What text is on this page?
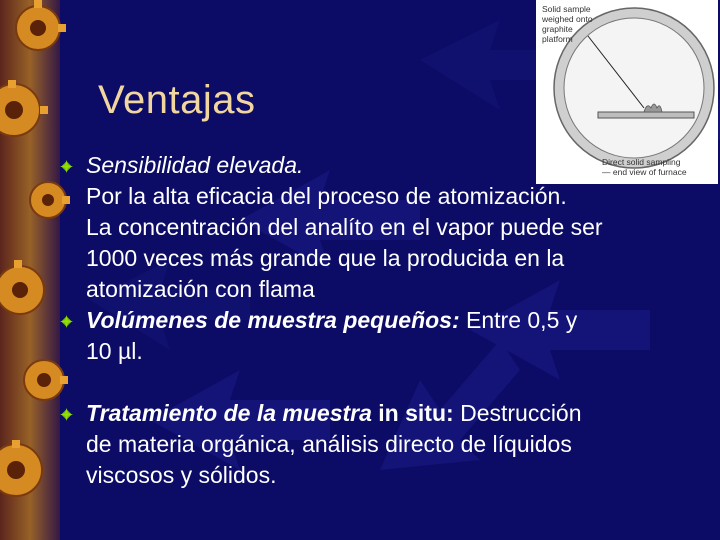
Ventajas
Solid sample
weighed onto
graphite
platform
Direct solid sampling
— end view of furnace
Sensibilidad elevada.
Por la alta eficacia del proceso de atomización.
La concentración del analíto en el vapor puede ser
1000 veces más grande que la producida en la
atomización con flama
Volúmenes de muestra pequeños: Entre 0,5 y
10 µl.
Tratamiento de la muestra in situ: Destrucción
de materia orgánica, análisis directo de líquidos
viscosos y sólidos.
